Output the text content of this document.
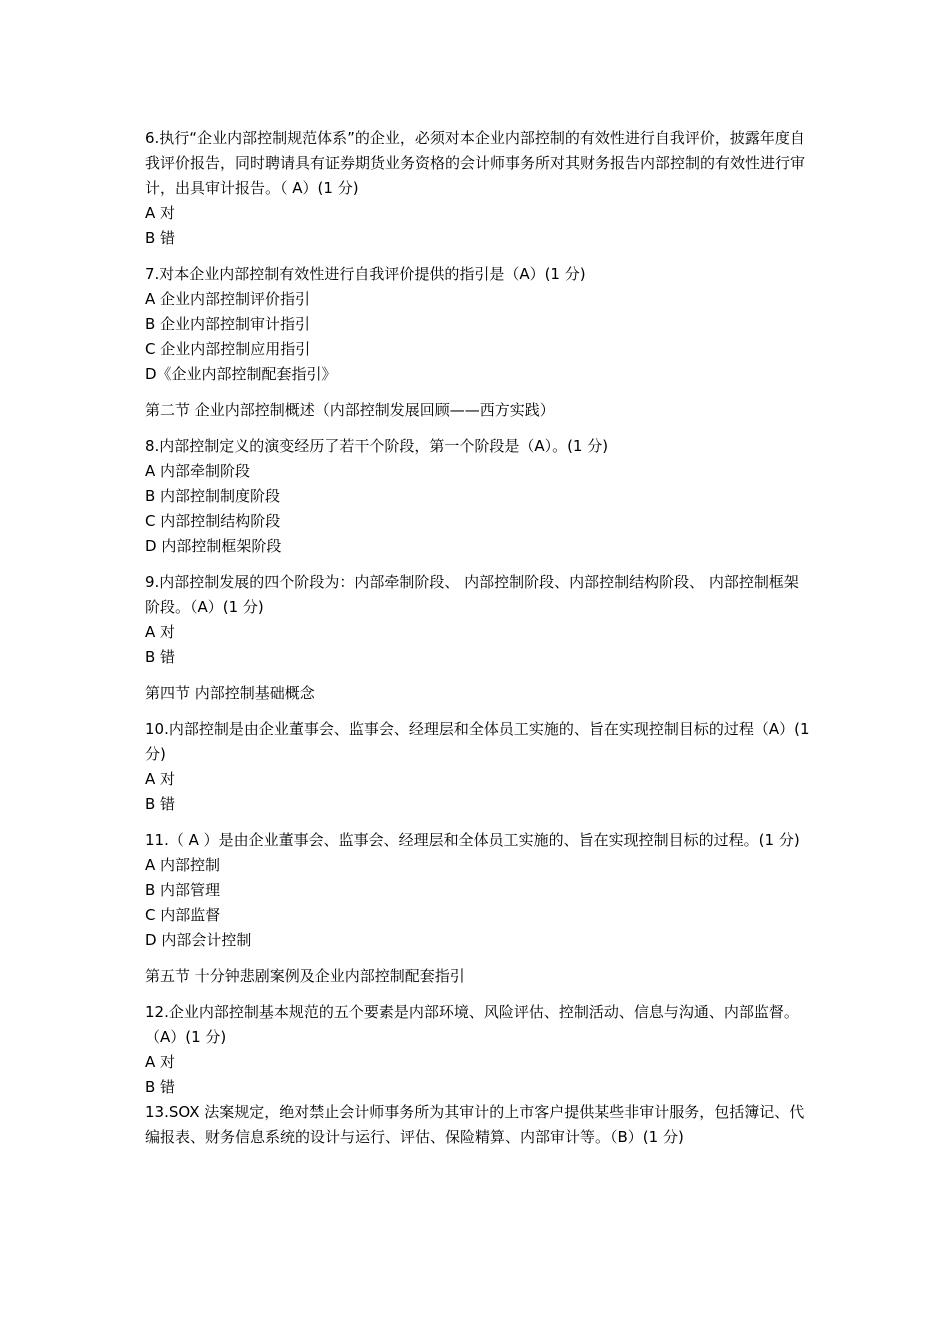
6.执行“企业内部控制规范体系”的企业，必须对本企业内部控制的有效性进行自我评价，披露年度自我评价报告，同时聘请具有证券期货业务资格的会计师事务所对其财务报告内部控制的有效性进行审计，出具审计报告。（ A）(1 分)
A 对
B 错
7.对本企业内部控制有效性进行自我评价提供的指引是（A）(1 分)
A 企业内部控制评价指引
B 企业内部控制审计指引
C 企业内部控制应用指引
D《企业内部控制配套指引》
第二节 企业内部控制概述（内部控制发展回顾——西方实践）
8.内部控制定义的演变经历了若干个阶段，第一个阶段是（A）。(1 分)
A 内部牵制阶段
B 内部控制制度阶段
C 内部控制结构阶段
D 内部控制框架阶段
9.内部控制发展的四个阶段为：内部牵制阶段、 内部控制阶段、内部控制结构阶段、 内部控制框架阶段。（A）(1 分)
A 对
B 错
第四节 内部控制基础概念
10.内部控制是由企业董事会、监事会、经理层和全体员工实施的、旨在实现控制目标的过程（A）(1 分)
A 对
B 错
11.（ A ）是由企业董事会、监事会、经理层和全体员工实施的、旨在实现控制目标的过程。(1 分)
A 内部控制
B 内部管理
C 内部监督
D 内部会计控制
第五节 十分钟悲剧案例及企业内部控制配套指引
12.企业内部控制基本规范的五个要素是内部环境、风险评估、控制活动、信息与沟通、内部监督。（A）(1 分)
A 对
B 错
13.SOX 法案规定，绝对禁止会计师事务所为其审计的上市客户提供某些非审计服务，包括簿记、代编报表、财务信息系统的设计与运行、评估、保险精算、内部审计等。（B）(1 分)
